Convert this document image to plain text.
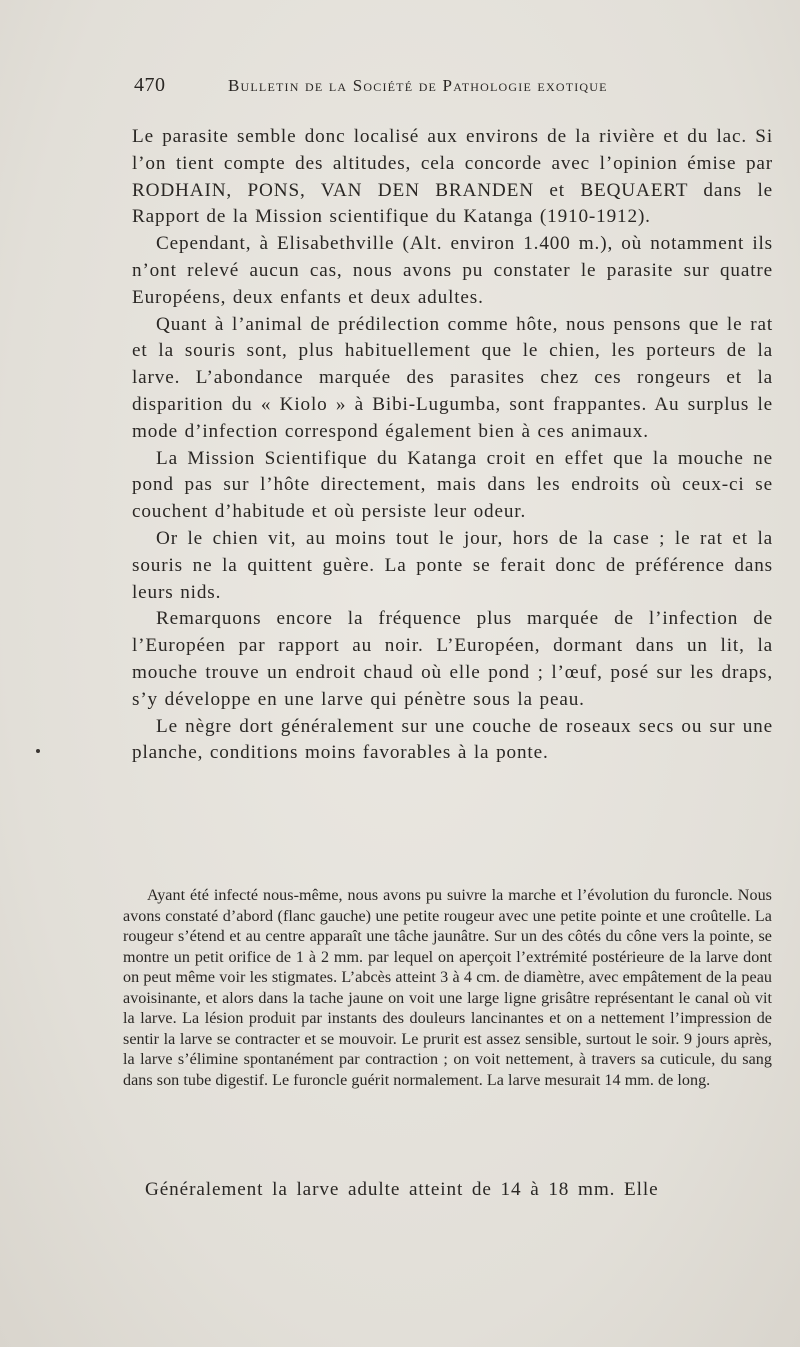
470	Bulletin de la Société de Pathologie exotique

Le parasite semble donc localisé aux environs de la rivière et du lac. Si l’on tient compte des altitudes, cela concorde avec l’opinion émise par RODHAIN, PONS, VAN DEN BRANDEN et BEQUAERT dans le Rapport de la Mission scientifique du Katanga (1910-1912).

Cependant, à Elisabethville (Alt. environ 1.400 m.), où notamment ils n’ont relevé aucun cas, nous avons pu constater le parasite sur quatre Européens, deux enfants et deux adultes.

Quant à l’animal de prédilection comme hôte, nous pensons que le rat et la souris sont, plus habituellement que le chien, les porteurs de la larve. L’abondance marquée des parasites chez ces rongeurs et la disparition du « Kiolo » à Bibi-Lugumba, sont frappantes. Au surplus le mode d’infection correspond également bien à ces animaux.

La Mission Scientifique du Katanga croit en effet que la mouche ne pond pas sur l’hôte directement, mais dans les endroits où ceux-ci se couchent d’habitude et où persiste leur odeur.

Or le chien vit, au moins tout le jour, hors de la case ; le rat et la souris ne la quittent guère. La ponte se ferait donc de préférence dans leurs nids.

Remarquons encore la fréquence plus marquée de l’infection de l’Européen par rapport au noir. L’Européen, dormant dans un lit, la mouche trouve un endroit chaud où elle pond ; l’œuf, posé sur les draps, s’y développe en une larve qui pénètre sous la peau.

Le nègre dort généralement sur une couche de roseaux secs ou sur une planche, conditions moins favorables à la ponte.

Ayant été infecté nous-même, nous avons pu suivre la marche et l’évolution du furoncle. Nous avons constaté d’abord (flanc gauche) une petite rougeur avec une petite pointe et une croûtelle. La rougeur s’étend et au centre apparaît une tâche jaunâtre. Sur un des côtés du cône vers la pointe, se montre un petit orifice de 1 à 2 mm. par lequel on aperçoit l’extrémité postérieure de la larve dont on peut même voir les stigmates. L’abcès atteint 3 à 4 cm. de diamètre, avec empâtement de la peau avoisinante, et alors dans la tache jaune on voit une large ligne grisâtre représentant le canal où vit la larve. La lésion produit par instants des douleurs lancinantes et on a nettement l’impression de sentir la larve se contracter et se mouvoir. Le prurit est assez sensible, surtout le soir. 9 jours après, la larve s’élimine spontanément par contraction ; on voit nettement, à travers sa cuticule, du sang dans son tube digestif. Le furoncle guérit normalement. La larve mesurait 14 mm. de long.

Généralement la larve adulte atteint de 14 à 18 mm. Elle
